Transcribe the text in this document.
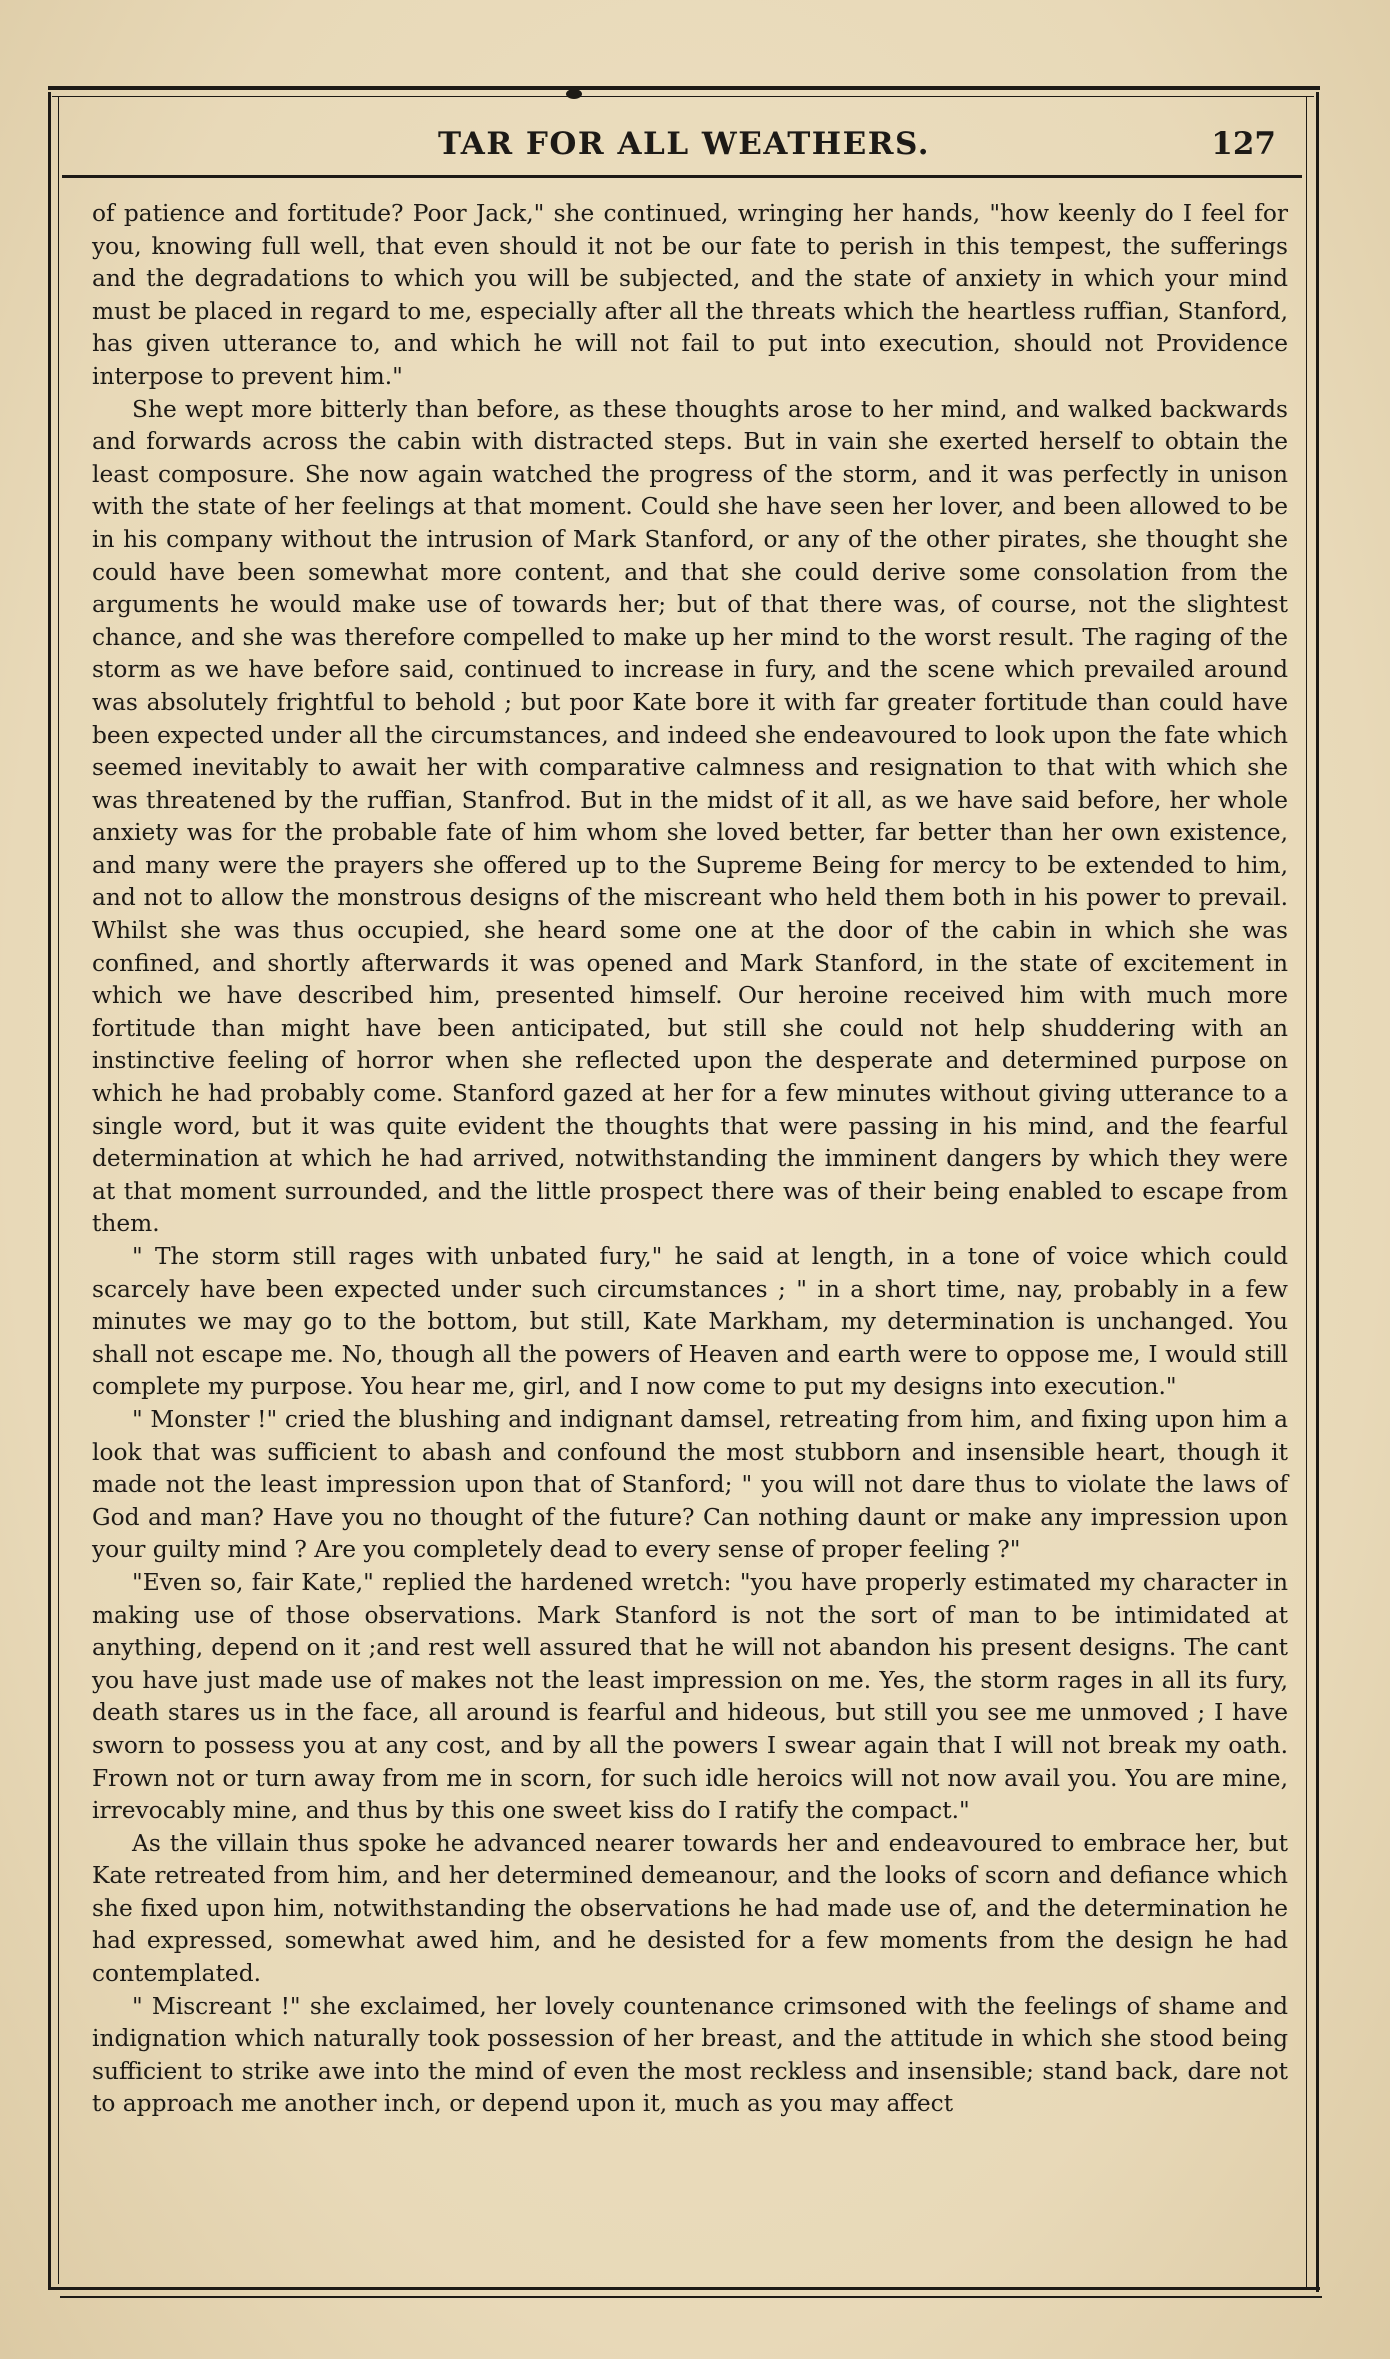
TAR FOR ALL WEATHERS.	127

of patience and fortitude? Poor Jack," she continued, wringing her hands, "how keenly do I feel for you, knowing full well, that even should it not be our fate to perish in this tempest, the sufferings and the degradations to which you will be subjected, and the state of anxiety in which your mind must be placed in regard to me, especially after all the threats which the heartless ruffian, Stanford, has given utterance to, and which he will not fail to put into execution, should not Providence interpose to prevent him."

She wept more bitterly than before, as these thoughts arose to her mind, and walked backwards and forwards across the cabin with distracted steps. But in vain she exerted herself to obtain the least composure. She now again watched the progress of the storm, and it was perfectly in unison with the state of her feelings at that moment. Could she have seen her lover, and been allowed to be in his company without the intrusion of Mark Stanford, or any of the other pirates, she thought she could have been somewhat more content, and that she could derive some consolation from the arguments he would make use of towards her; but of that there was, of course, not the slightest chance, and she was therefore compelled to make up her mind to the worst result. The raging of the storm as we have before said, continued to increase in fury, and the scene which prevailed around was absolutely frightful to behold ; but poor Kate bore it with far greater fortitude than could have been expected under all the circumstances, and indeed she endeavoured to look upon the fate which seemed inevitably to await her with comparative calmness and resignation to that with which she was threatened by the ruffian, Stanfrod. But in the midst of it all, as we have said before, her whole anxiety was for the probable fate of him whom she loved better, far better than her own existence, and many were the prayers she offered up to the Supreme Being for mercy to be extended to him, and not to allow the monstrous designs of the miscreant who held them both in his power to prevail. Whilst she was thus occupied, she heard some one at the door of the cabin in which she was confined, and shortly afterwards it was opened and Mark Stanford, in the state of excitement in which we have described him, presented himself. Our heroine received him with much more fortitude than might have been anticipated, but still she could not help shuddering with an instinctive feeling of horror when she reflected upon the desperate and determined purpose on which he had probably come. Stanford gazed at her for a few minutes without giving utterance to a single word, but it was quite evident the thoughts that were passing in his mind, and the fearful determination at which he had arrived, notwithstanding the imminent dangers by which they were at that moment surrounded, and the little prospect there was of their being enabled to escape from them.

" The storm still rages with unbated fury," he said at length, in a tone of voice which could scarcely have been expected under such circumstances ; " in a short time, nay, probably in a few minutes we may go to the bottom, but still, Kate Markham, my determination is unchanged. You shall not escape me. No, though all the powers of Heaven and earth were to oppose me, I would still complete my purpose. You hear me, girl, and I now come to put my designs into execution."

" Monster !" cried the blushing and indignant damsel, retreating from him, and fixing upon him a look that was sufficient to abash and confound the most stubborn and insensible heart, though it made not the least impression upon that of Stanford; " you will not dare thus to violate the laws of God and man? Have you no thought of the future? Can nothing daunt or make any impression upon your guilty mind ? Are you completely dead to every sense of proper feeling ?"

"Even so, fair Kate," replied the hardened wretch: "you have properly estimated my character in making use of those observations. Mark Stanford is not the sort of man to be intimidated at anything, depend on it ;and rest well assured that he will not abandon his present designs. The cant you have just made use of makes not the least impression on me. Yes, the storm rages in all its fury, death stares us in the face, all around is fearful and hideous, but still you see me unmoved ; I have sworn to possess you at any cost, and by all the powers I swear again that I will not break my oath. Frown not or turn away from me in scorn, for such idle heroics will not now avail you. You are mine, irrevocably mine, and thus by this one sweet kiss do I ratify the compact."

As the villain thus spoke he advanced nearer towards her and endeavoured to embrace her, but Kate retreated from him, and her determined demeanour, and the looks of scorn and defiance which she fixed upon him, notwithstanding the observations he had made use of, and the determination he had expressed, somewhat awed him, and he desisted for a few moments from the design he had contemplated.

" Miscreant !" she exclaimed, her lovely countenance crimsoned with the feelings of shame and indignation which naturally took possession of her breast, and the attitude in which she stood being sufficient to strike awe into the mind of even the most reckless and insensible; stand back, dare not to approach me another inch, or depend upon it, much as you may affect
